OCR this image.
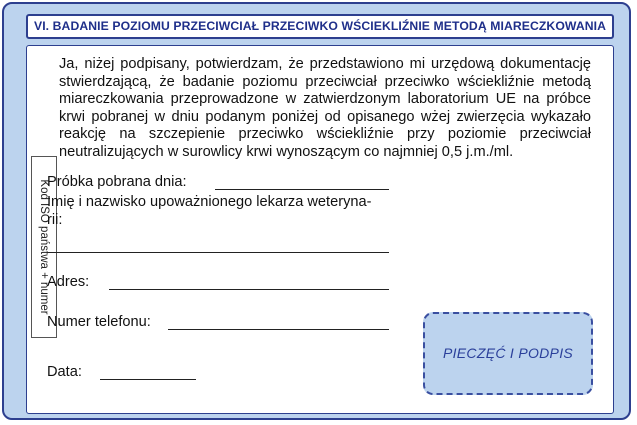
VI. BADANIE POZIOMU PRZECIWCIAŁ PRZECIWKO WŚCIEKLIŹNIE METODĄ MIARECZKOWANIA
Kod ISO państwa + numer

Ja, niżej podpisany, potwierdzam, że przedstawiono mi urzędową dokumentację stwierdzającą, że badanie poziomu przeciwciał przeciwko wściekliźnie metodą miareczkowania przeprowadzone w zatwierdzonym laboratorium UE na próbce krwi pobranej w dniu podanym poniżej od opisanego wżej zwierzęcia wykazało reakcję na szczepienie przeciwko wściekliźnie przy poziomie przeciwciał neutralizujących w surowlicy krwi wynoszącym co najmniej 0,5 j.m./ml.

Próbka pobrana dnia:
Imię i nazwisko upoważnionego lekarza weteryna-
rii:
Adres:
Numer telefonu:
Data:
PIECZĘĆ I PODPIS
